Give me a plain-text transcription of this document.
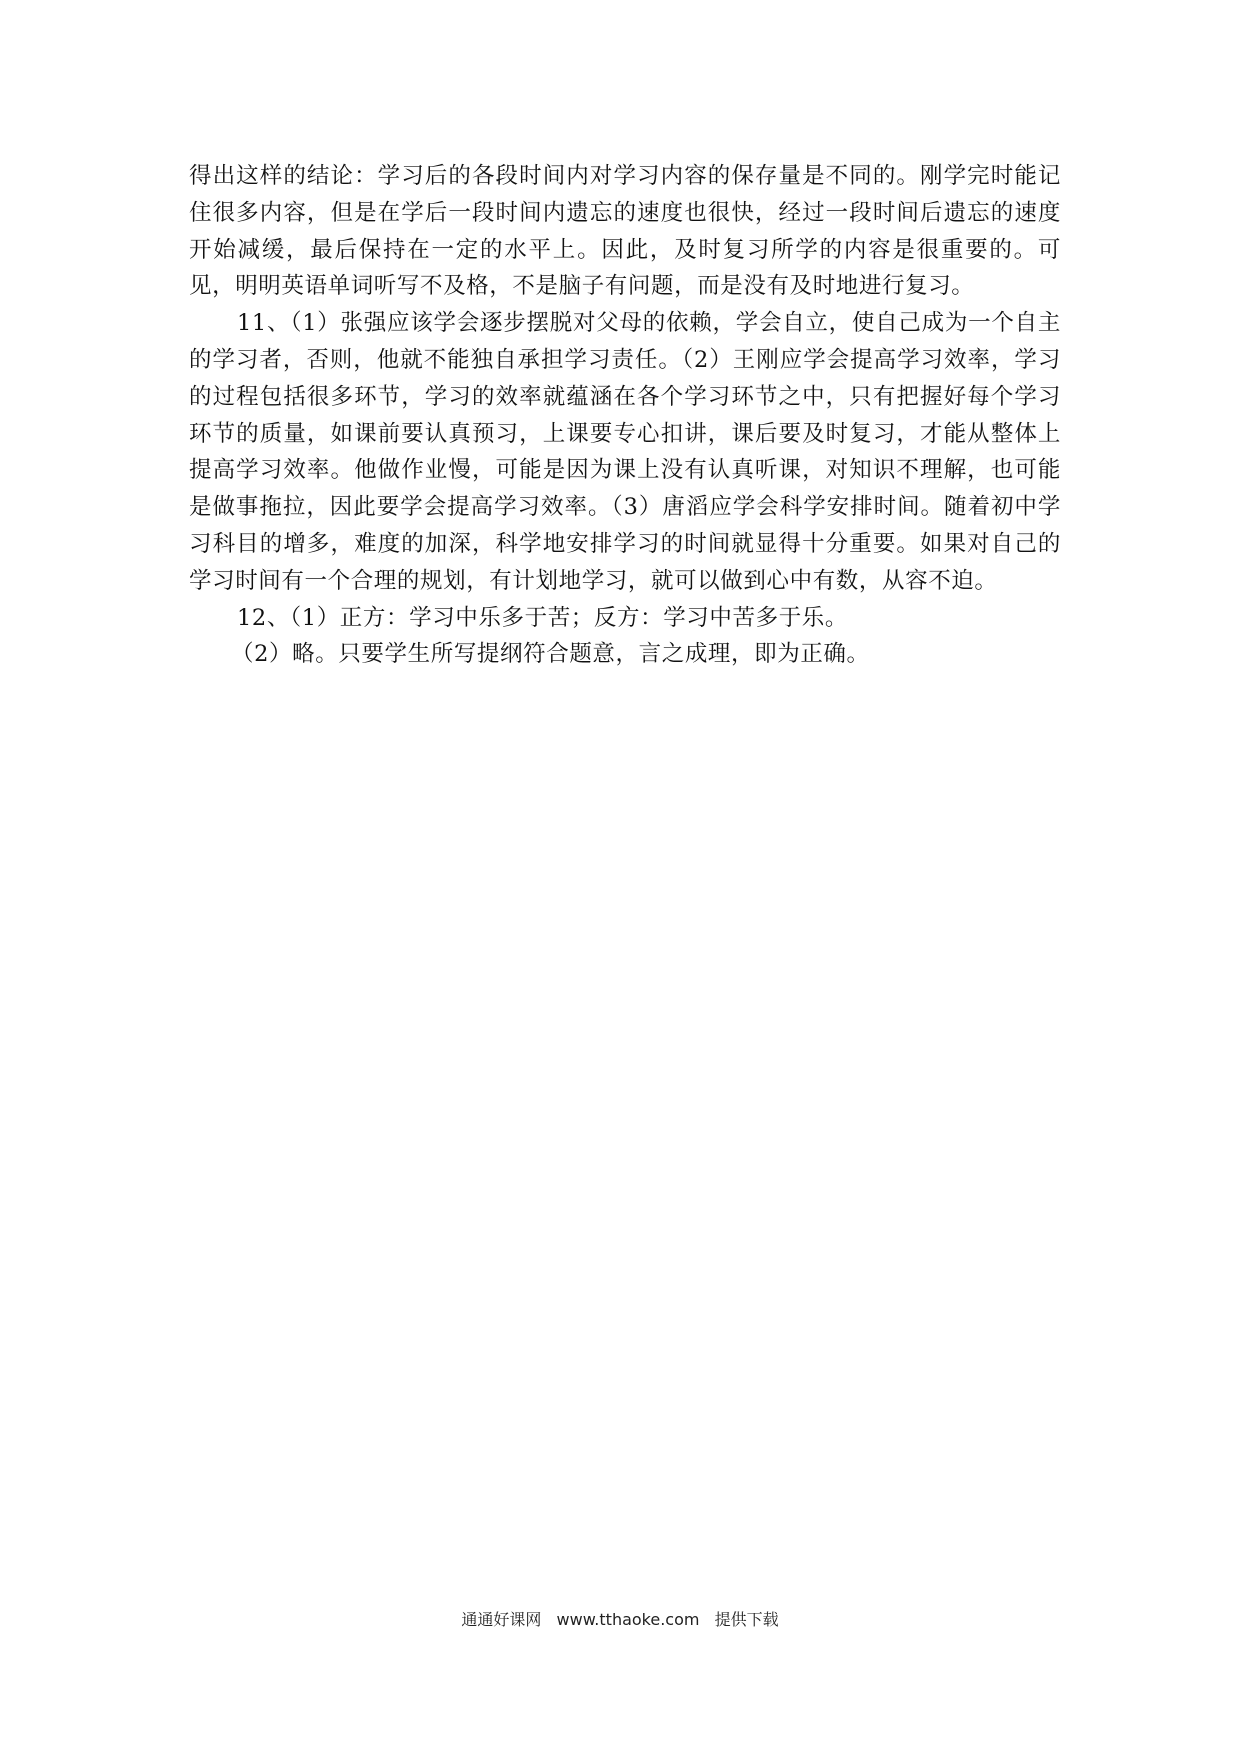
得出这样的结论：学习后的各段时间内对学习内容的保存量是不同的。刚学完时能记住很多内容，但是在学后一段时间内遗忘的速度也很快，经过一段时间后遗忘的速度开始减缓，最后保持在一定的水平上。因此，及时复习所学的内容是很重要的。可见，明明英语单词听写不及格，不是脑子有问题，而是没有及时地进行复习。

11、（1）张强应该学会逐步摆脱对父母的依赖，学会自立，使自己成为一个自主的学习者，否则，他就不能独自承担学习责任。（2）王刚应学会提高学习效率，学习的过程包括很多环节，学习的效率就蕴涵在各个学习环节之中，只有把握好每个学习环节的质量，如课前要认真预习，上课要专心扣讲，课后要及时复习，才能从整体上提高学习效率。他做作业慢，可能是因为课上没有认真听课，对知识不理解，也可能是做事拖拉，因此要学会提高学习效率。（3）唐滔应学会科学安排时间。随着初中学习科目的增多，难度的加深，科学地安排学习的时间就显得十分重要。如果对自己的学习时间有一个合理的规划，有计划地学习，就可以做到心中有数，从容不迫。

12、（1）正方：学习中乐多于苦；反方：学习中苦多于乐。

（2）略。只要学生所写提纲符合题意，言之成理，即为正确。

通通好课网 www.tthaoke.com 提供下载
